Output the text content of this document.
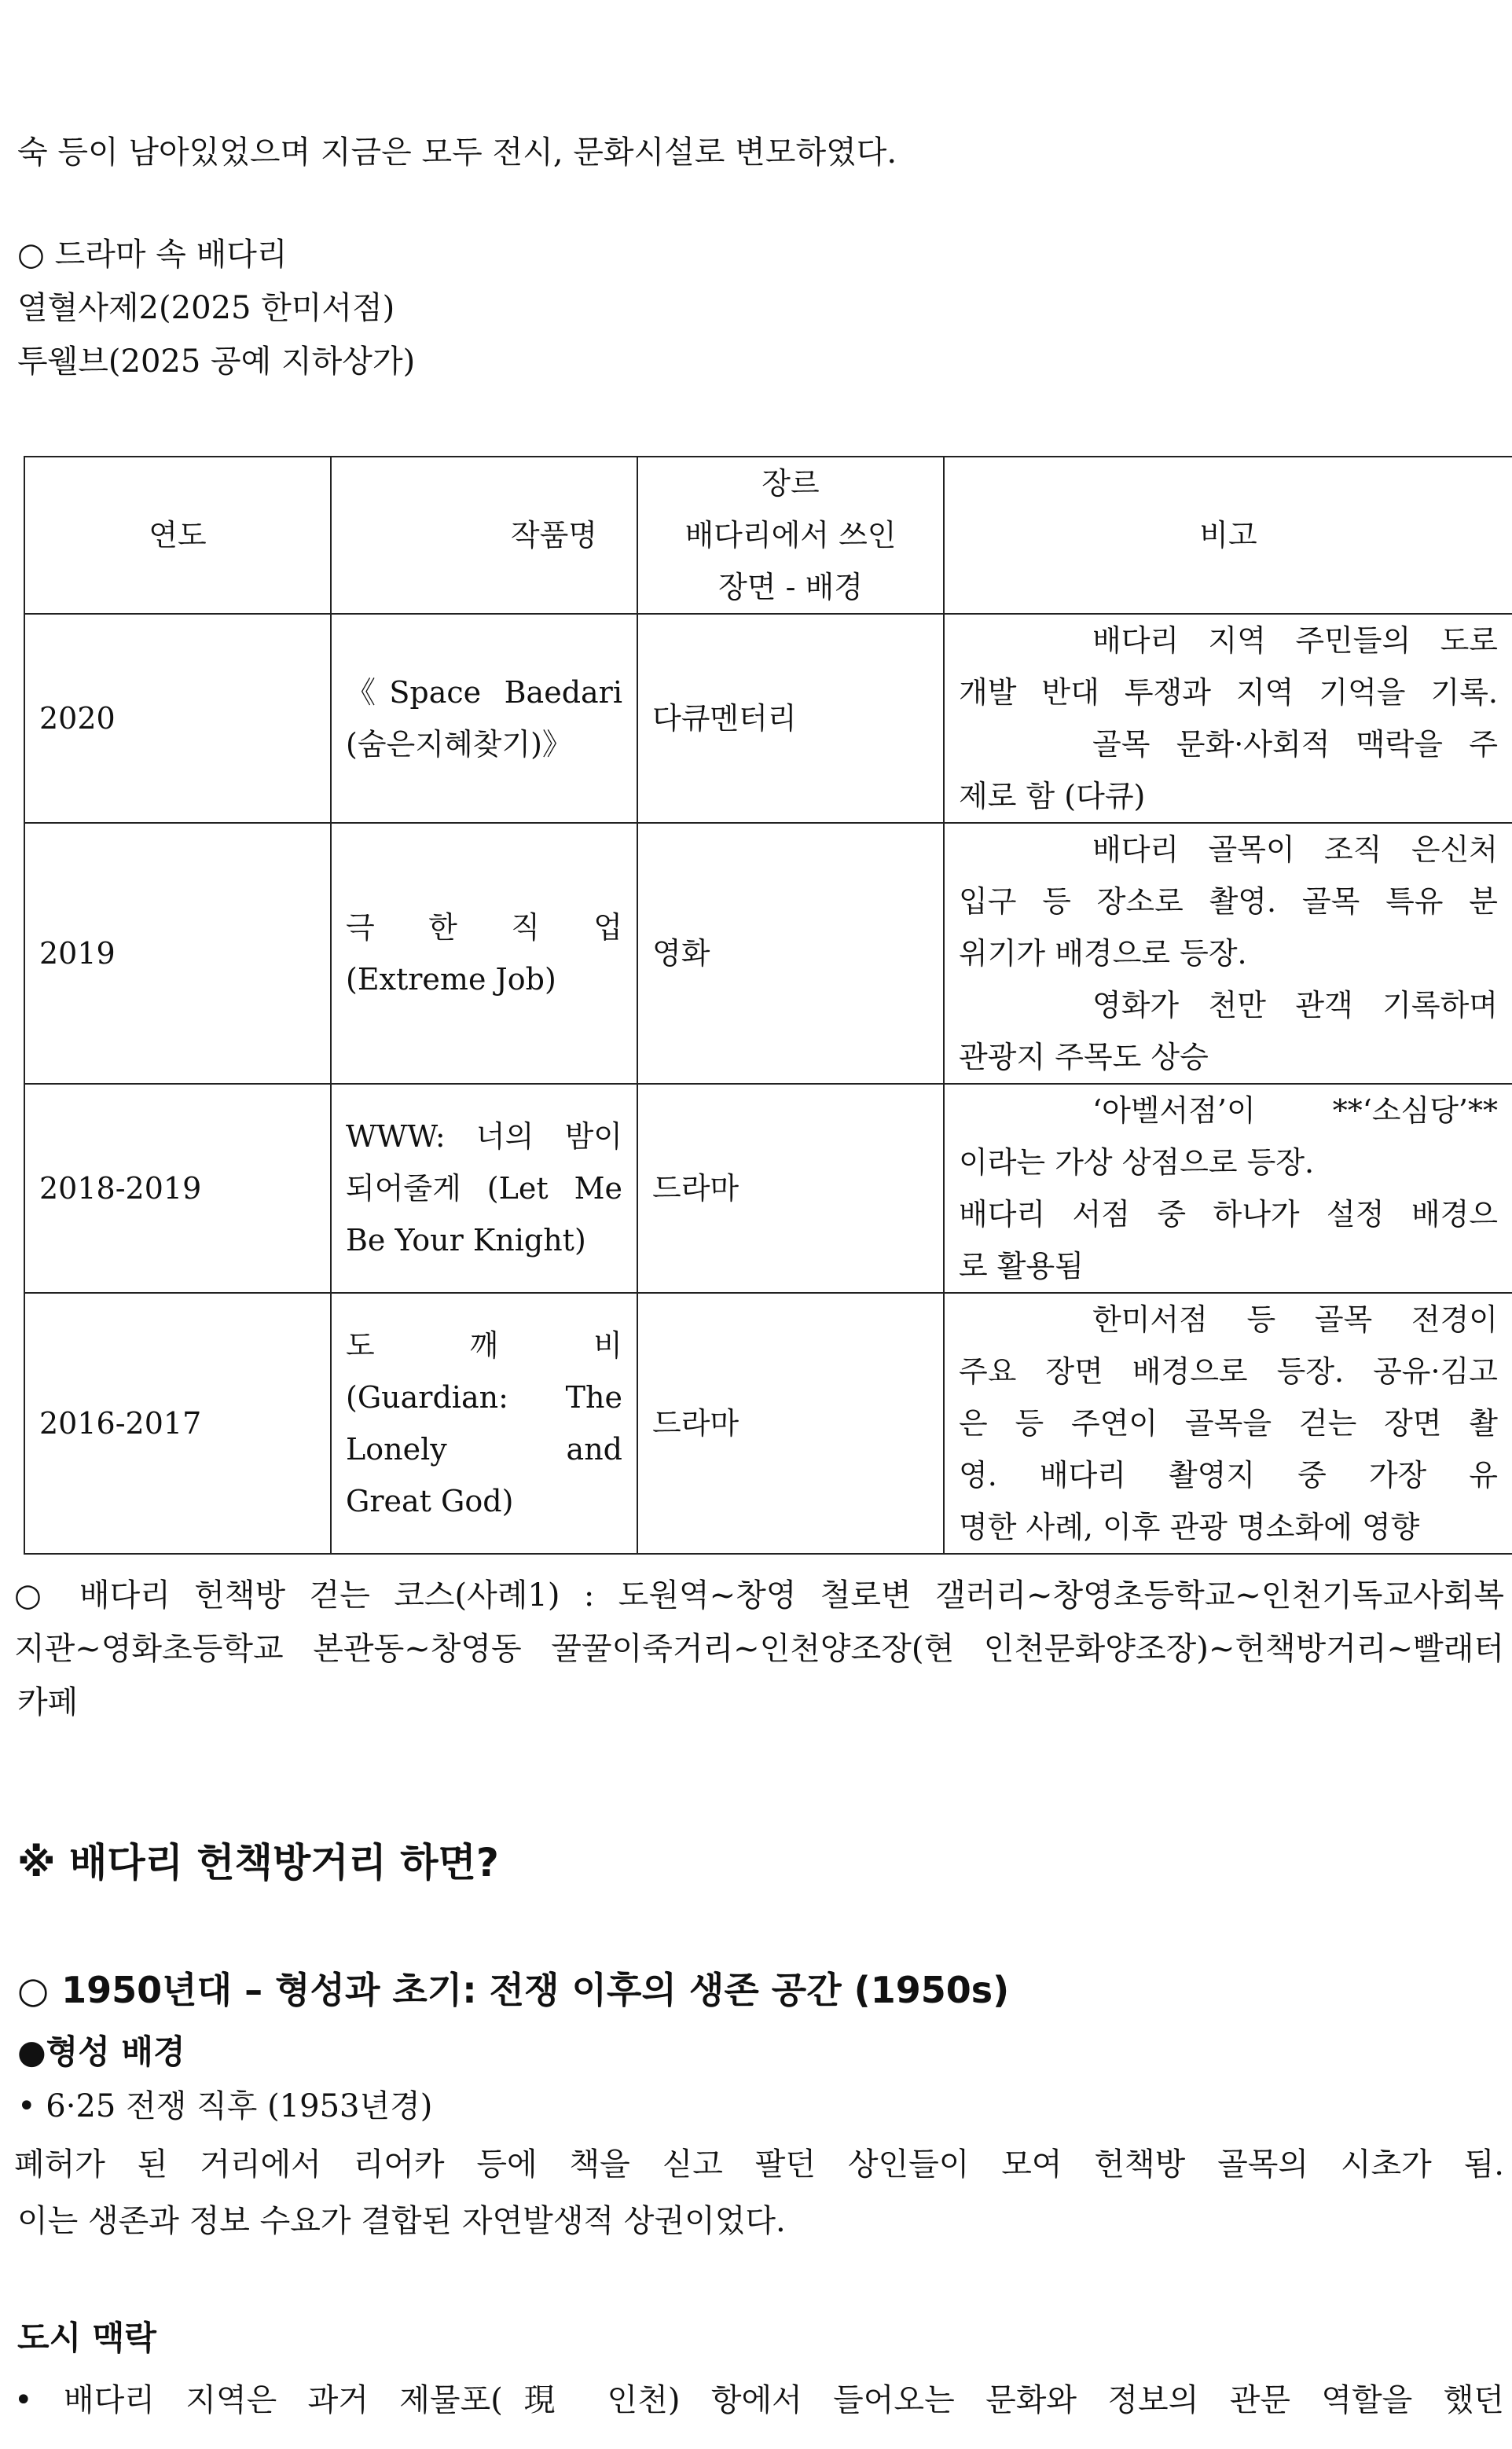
숙 등이 남아있었으며 지금은 모두 전시, 문화시설로 변모하였다.
○ 드라마 속 배다리
열혈사제2(2025 한미서점)
투웰브(2025 공예 지하상가)
연도	작품명	장르
배다리에서 쓰인
장면 - 배경	비고
2020	《Space Baedari
(숨은지혜찾기)》	다큐멘터리	배다리 지역 주민들의 도로
개발 반대 투쟁과 지역 기억을 기록.
골목 문화·사회적 맥락을 주
제로 함 (다큐)

2019	극 한 직 업
(Extreme Job)	영화	배다리 골목이 조직 은신처
입구 등 장소로 촬영. 골목 특유 분
위기가 배경으로 등장.
영화가 천만 관객 기록하며
관광지 주목도 상승

2018-2019	WWW: 너의 밤이
되어줄게 (Let Me
Be Your Knight)	드라마	‘아벨서점’이 **‘소심당’**
이라는 가상 상점으로 등장.
배다리 서점 중 하나가 설정 배경으
로 활용됨

2016-2017	도 깨 비
(Guardian: The
Lonely and
Great God)	드라마	한미서점 등 골목 전경이
주요 장면 배경으로 등장. 공유·김고
은 등 주연이 골목을 걷는 장면 촬
영. 배다리 촬영지 중 가장 유
명한 사례, 이후 관광 명소화에 영향
○ 배다리 헌책방 걷는 코스(사례1) : 도원역~창영 철로변 갤러리~창영초등학교~인천기독교사회복
지관~영화초등학교 본관동~창영동 꿀꿀이죽거리~인천양조장(현 인천문화양조장)~헌책방거리~빨래터
카페
※ 배다리 헌책방거리 하면?
○ 1950년대 – 형성과 초기: 전쟁 이후의 생존 공간 (1950s)
●형성 배경
• 6·25 전쟁 직후 (1953년경)
폐허가 된 거리에서 리어카 등에 책을 싣고 팔던 상인들이 모여 헌책방 골목의 시초가 됨.
이는 생존과 정보 수요가 결합된 자연발생적 상권이었다.
도시 맥락
• 배다리 지역은 과거 제물포(現 인천) 항에서 들어오는 문화와 정보의 관문 역할을 했던
